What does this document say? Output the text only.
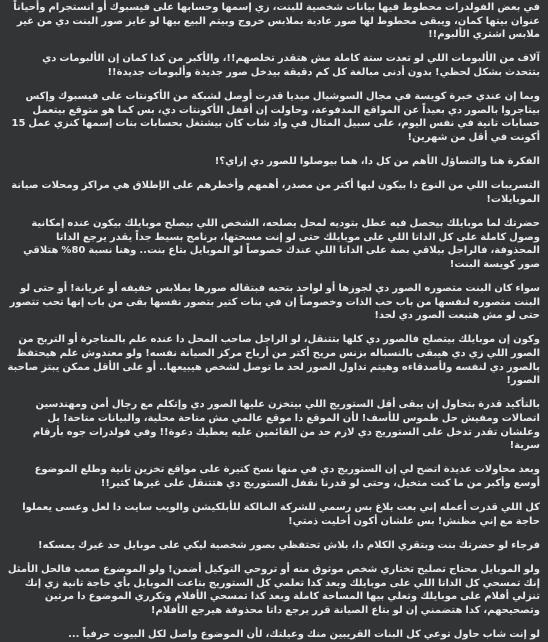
في بعض الفولدرات محطوط فيها بيانات شخصية للبنت، زي إسمها وحسابها على فيسبوك أو انستجرام وأحياناً عنوان بيتها كمان، ويبقى محطوط لها صور عادية بملابس خروج وبيتم البيع بيها لو عايز صور البنت دي من غير ملابس اشتري الألبوم!!

آلاف من الألبومات اللي لو تعدت ستة كاملة مش هتقدر تخلصهم!!، والأكبر من كدا كمان إن الألبومات دي بتتحدث بشكل لحظي! بدون أدنى مبالغة كل كم دقيقة بيدخل صور جديدة وألبومات جديدة!!

وبما إن عندي خبرة كويسة في مجال السوشيال ميديا قدرت أوصل لشبكة من الأكونتات على فيسبوك وإكس بيتاجروا بالصور دي بعيداً عن المواقع المدفوعة، وحاولت إن أقفل الأكونتات دي، بس كما هو متوقع بيتعمل حسابات تانية في نفس اليوم، على سبيل المثال في واد شاب كان بيشتغل بحسابات بنات إسمها كنزي عمل 15 أكونت في أقل من شهرين!

الفكرة هنا والتساؤل الأهم من كل دا، هما بيوصلوا للصور دي إزاي؟!

التسريبات اللي من النوع دا بيكون ليها أكتر من مصدر، أهمهم وأخطرهم على الإطلاق هي مراكز ومحلات صيانة الموبايلات!

حضرتك لما موبايلك بيحصل فيه عطل بتوديه لمحل يصلحه، الشخص اللي بيصلح موبايلك بيكون عنده إمكانية وصول كاملة على كل الداتا اللي على موبايلك حتى لو إنت مسحتها، برنامج بسيط جداً يقدر يرجع الداتا المحذوفة، فالراجل بيلاقي بصة على الداتا اللي عندك خصوصاً لو الموبايل بتاع بنت.. وهنا نسبة 80% هتلاقي صور كويسة البنت!

سواء كان البنت متصوره الصور دي لجوزها أو لواحد بتحبه فبتقاله صورها بملابس خفيفه أو عريانة! أو حتى لو البنت متصوره لنفسها من باب حب الذات وخصوصاً إن في بنات كتير بتصور نفسها بقى من باب إنها تحب تتصور حتى لو مش هتبعت الصور دي لحد!

وكون إن موبايلك بيتصلح فالصور دي كلها بتتنقل، لو الراجل صاحب المحل دا عنده علم بالمتاجرة أو التربح من الصور اللي زي دي هيبقى بالنسباله بزنس مريح أكتر من أرباح مركز الصيانة نفسه! ولو معندوش علم هيحتفظ بالصور دي لنفسه ولأصدقاءه وهيتم تداول الصور لحد ما توصل لشخص هيبيعها.. أو على الأقل ممكن يبتز صاحبة الصور!

بالتأكيد قدرة بتحاول إن يبقى أقل الستوريج اللي بيتخزن عليها الصور دي وإتكلم مع رجال أمن ومهندسين اتصالات ومفيش حل طموس للأسف! لأن الموقع دا موقع عالمي مش متاحة محلية، والبيانات متاحة! بل وعلشان تقدر تدخل على الستوريج دي لازم حد من القائمين عليه يعطيك دعوة!! وفي فولدرات جوه بأرقام سرية!

وبعد محاولات عديدة اتضح لي إن الستوريج دي في منها نسخ كتيرة على مواقع تخزين تانية وطلع الموضوع أوسع وأكبر من ما كنت متخيل، وحتى لو قدرنا نقفل الستوريج دي هتتنقل على غيرها كتير!!

كل اللي قدرت أعمله إني بعت بلاغ بس رسمي للشركة المالكة للأبلكيشن والويب سايت دا لعل وعسى يعملوا حاجة مع إني مظنش! بس علشان أكون أخليت ذمتي!

فرجاء لو حضرتك بنت وبتقري الكلام دا، بلاش تحتفظي بصور شخصية ليكي على موبايل حد غيرك يمسكه!

ولو الموبايل محتاج تصليح تختاري شخص موثوق منه أو تروحي التوكيل أضمن! ولو الموضوع صعب فالحل الأمثل إنك تمسحي كل الداتا اللي على موبايلك وبعد كدا تعلمي كل الستوريج بتاعت الموبايل بأي حاجة تانية زي إنك تنزلي أفلام على موبايلك وتعلي بيها المساحة كاملة وبعد كدا تمسحي الأفلام وتكرري الموضوع دا مرتين وتصحيحهم، كدا هتضمني إن لو بتاع الصيانة قرر يرجع داتا محذوفة هيرجع الأفلام!

لو إنت شاب حاول توعي كل البنات القريبين منك وعيلتك، لأن الموضوع واصل لكل البيوت حرفياً ...
